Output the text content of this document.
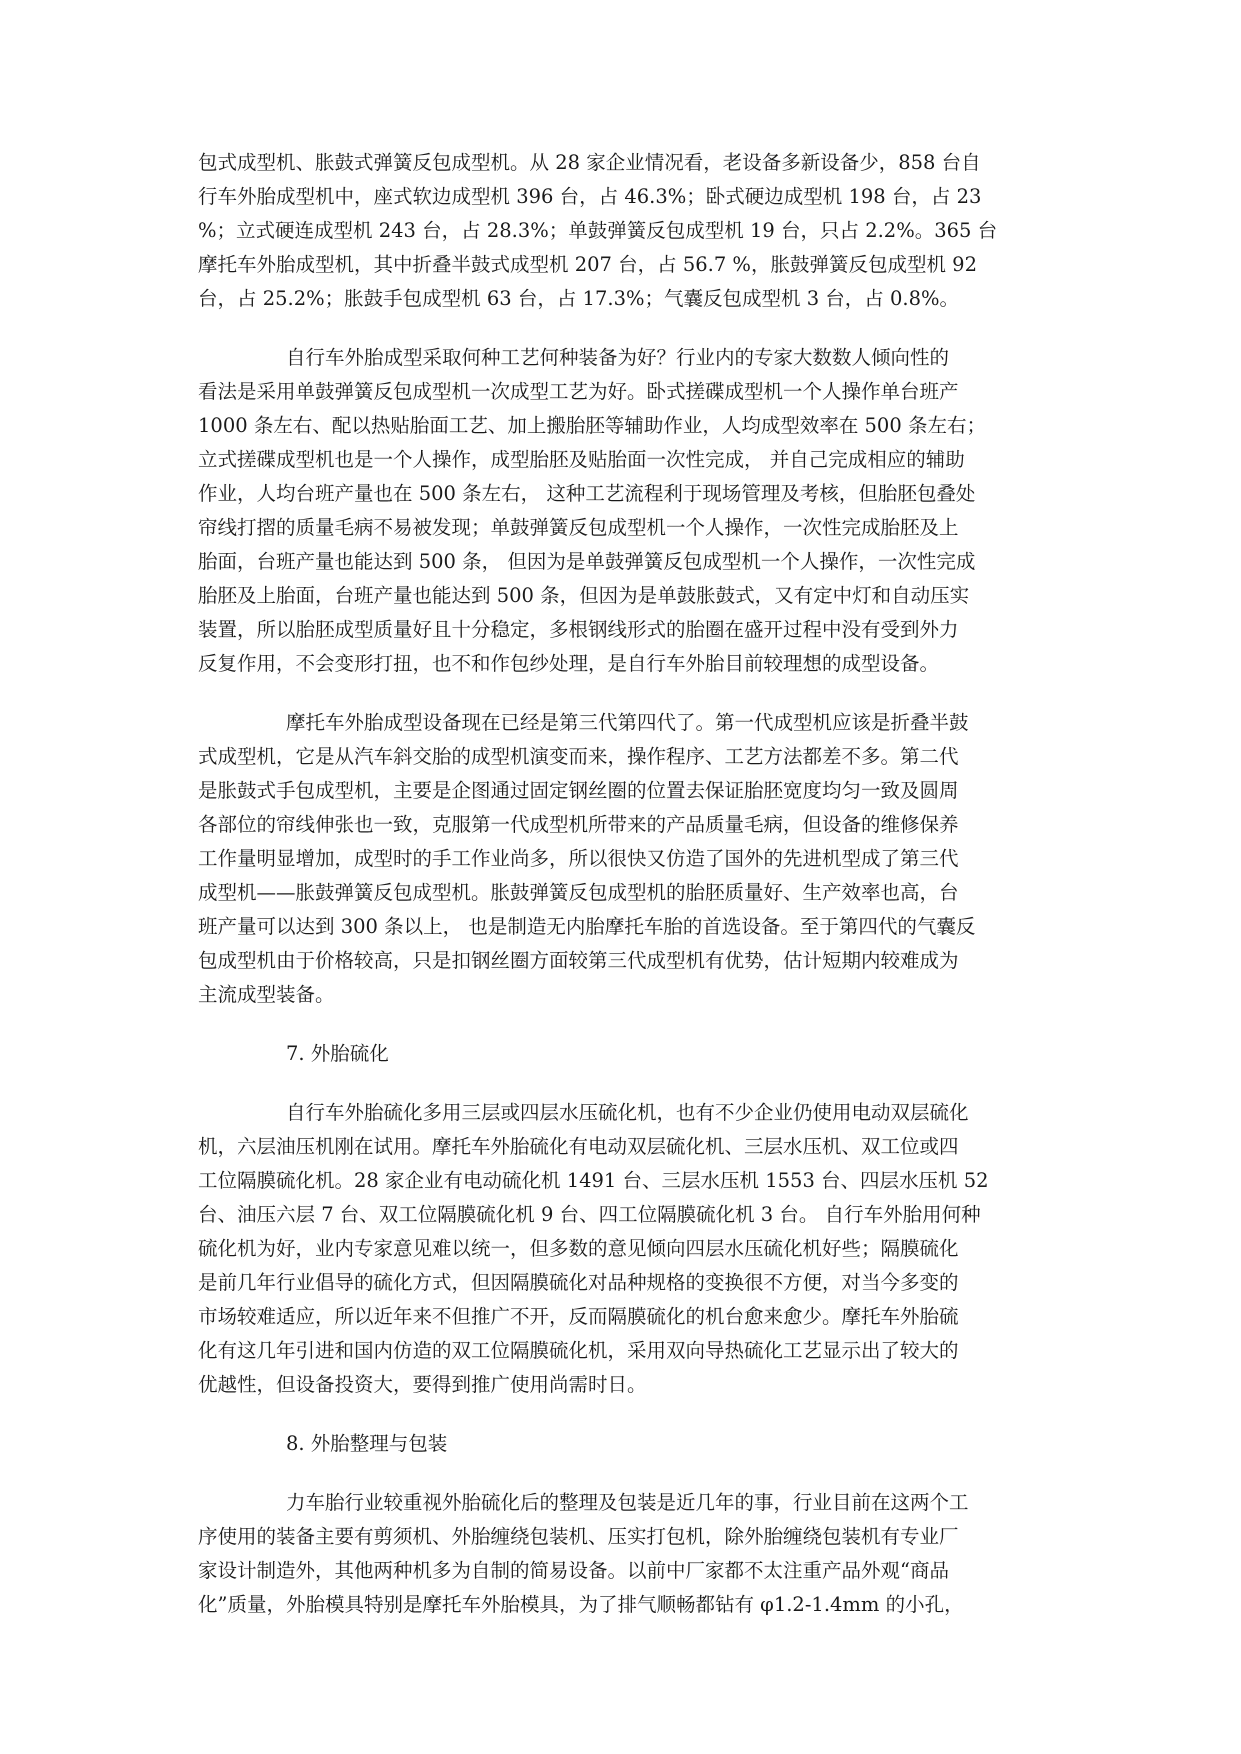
包式成型机、胀鼓式弹簧反包成型机。从 28 家企业情况看，老设备多新设备少，858 台自
行车外胎成型机中，座式软边成型机 396 台，占 46.3%；卧式硬边成型机 198 台，占 23
%；立式硬连成型机 243 台，占 28.3%；单鼓弹簧反包成型机 19 台，只占 2.2%。365 台
摩托车外胎成型机，其中折叠半鼓式成型机 207 台，占 56.7 %，胀鼓弹簧反包成型机 92
台，占 25.2%；胀鼓手包成型机 63 台，占 17.3%；气囊反包成型机 3 台，占 0.8%。
自行车外胎成型采取何种工艺何种装备为好？行业内的专家大数数人倾向性的
看法是采用单鼓弹簧反包成型机一次成型工艺为好。卧式搓碟成型机一个人操作单台班产
1000 条左右、配以热贴胎面工艺、加上搬胎胚等辅助作业，人均成型效率在 500 条左右；
立式搓碟成型机也是一个人操作，成型胎胚及贴胎面一次性完成， 并自己完成相应的辅助
作业，人均台班产量也在 500 条左右， 这种工艺流程利于现场管理及考核，但胎胚包叠处
帘线打摺的质量毛病不易被发现；单鼓弹簧反包成型机一个人操作，一次性完成胎胚及上
胎面，台班产量也能达到 500 条， 但因为是单鼓弹簧反包成型机一个人操作，一次性完成
胎胚及上胎面，台班产量也能达到 500 条，但因为是单鼓胀鼓式，又有定中灯和自动压实
装置，所以胎胚成型质量好且十分稳定，多根钢线形式的胎圈在盛开过程中没有受到外力
反复作用，不会变形打扭，也不和作包纱处理，是自行车外胎目前较理想的成型设备。
摩托车外胎成型设备现在已经是第三代第四代了。第一代成型机应该是折叠半鼓
式成型机，它是从汽车斜交胎的成型机演变而来，操作程序、工艺方法都差不多。第二代
是胀鼓式手包成型机，主要是企图通过固定钢丝圈的位置去保证胎胚宽度均匀一致及圆周
各部位的帘线伸张也一致，克服第一代成型机所带来的产品质量毛病，但设备的维修保养
工作量明显增加，成型时的手工作业尚多，所以很快又仿造了国外的先进机型成了第三代
成型机——胀鼓弹簧反包成型机。胀鼓弹簧反包成型机的胎胚质量好、生产效率也高，台
班产量可以达到 300 条以上， 也是制造无内胎摩托车胎的首选设备。至于第四代的气囊反
包成型机由于价格较高，只是扣钢丝圈方面较第三代成型机有优势，估计短期内较难成为
主流成型装备。
7. 外胎硫化
自行车外胎硫化多用三层或四层水压硫化机，也有不少企业仍使用电动双层硫化
机，六层油压机刚在试用。摩托车外胎硫化有电动双层硫化机、三层水压机、双工位或四
工位隔膜硫化机。28 家企业有电动硫化机 1491 台、三层水压机 1553 台、四层水压机 52
台、油压六层 7 台、双工位隔膜硫化机 9 台、四工位隔膜硫化机 3 台。 自行车外胎用何种
硫化机为好，业内专家意见难以统一，但多数的意见倾向四层水压硫化机好些；隔膜硫化
是前几年行业倡导的硫化方式，但因隔膜硫化对品种规格的变换很不方便，对当今多变的
市场较难适应，所以近年来不但推广不开，反而隔膜硫化的机台愈来愈少。摩托车外胎硫
化有这几年引进和国内仿造的双工位隔膜硫化机，采用双向导热硫化工艺显示出了较大的
优越性，但设备投资大，要得到推广使用尚需时日。
8. 外胎整理与包装
力车胎行业较重视外胎硫化后的整理及包装是近几年的事，行业目前在这两个工
序使用的装备主要有剪须机、外胎缠绕包装机、压实打包机，除外胎缠绕包装机有专业厂
家设计制造外，其他两种机多为自制的简易设备。以前中厂家都不太注重产品外观“商品
化”质量，外胎模具特别是摩托车外胎模具，为了排气顺畅都钻有 φ1.2-1.4mm 的小孔，
